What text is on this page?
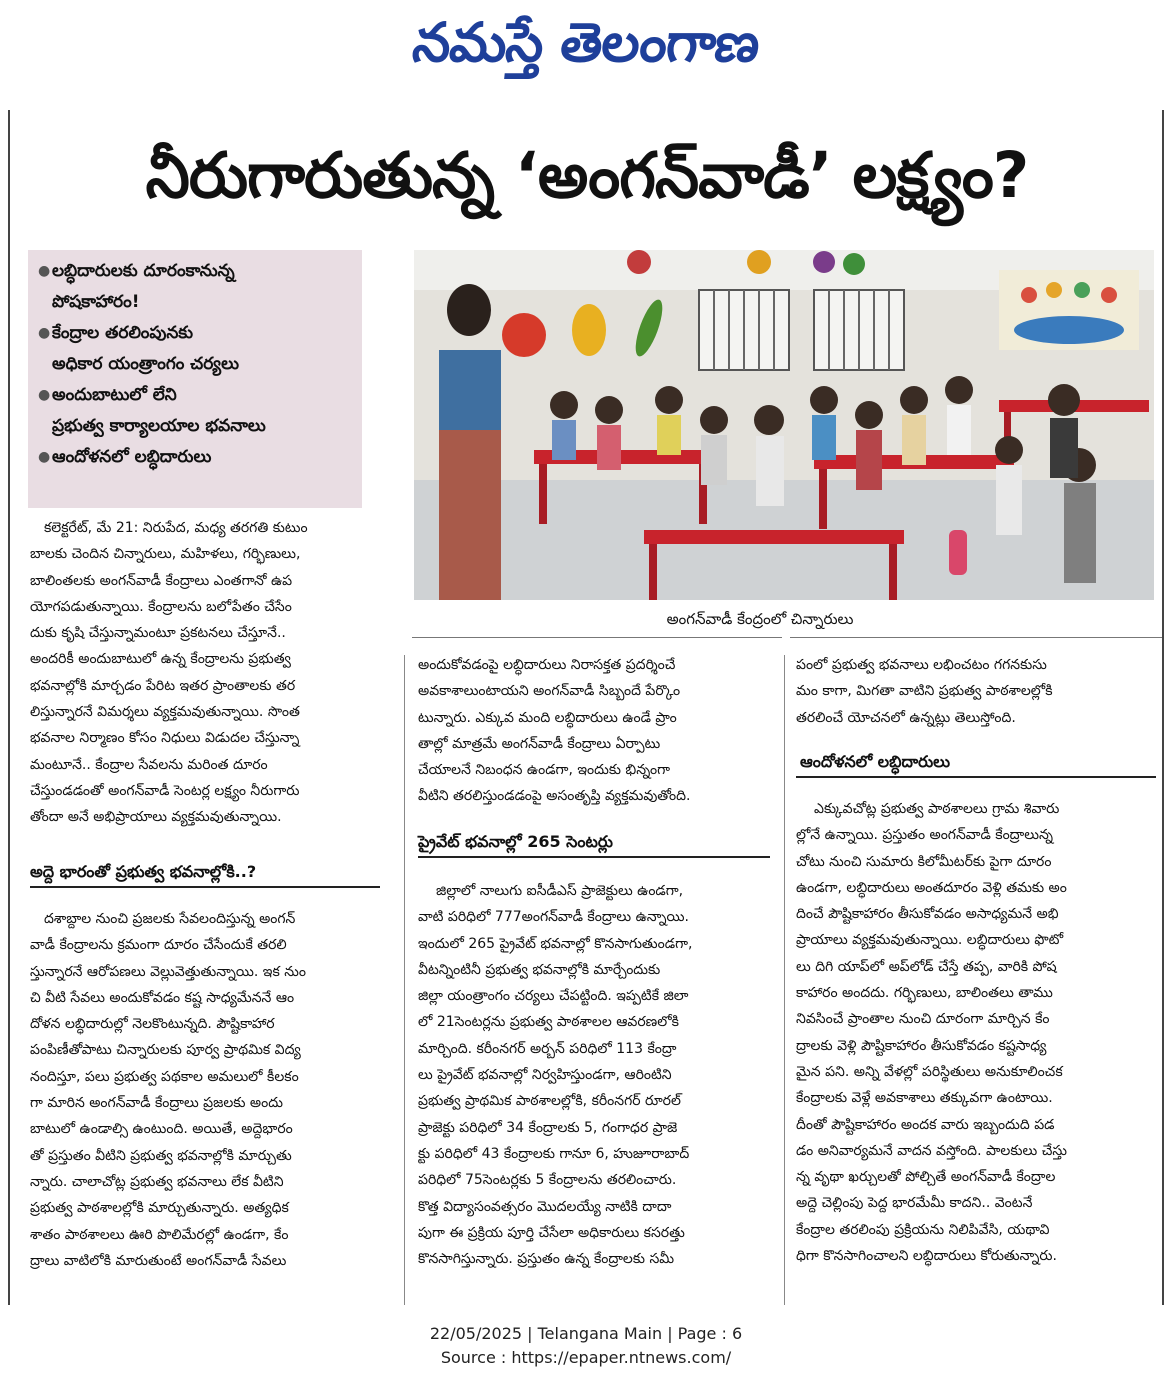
నమస్తే తెలంగాణ
నీరుగారుతున్న ‘అంగన్‌వాడీ’ లక్ష్యం?
● లబ్ధిదారులకు దూరంకానున్న
పోషకాహారం!
● కేంద్రాల తరలింపునకు
అధికార యంత్రాంగం చర్యలు
● అందుబాటులో లేని
ప్రభుత్వ కార్యాలయాల భవనాలు
● ఆందోళనలో లబ్ధిదారులు
అంగన్‌వాడీ కేంద్రంలో చిన్నారులు

కలెక్టరేట్‌, మే 21: నిరుపేద, మధ్య తరగతి కుటుం
బాలకు చెందిన చిన్నారులు, మహిళలు, గర్భిణులు,
బాలింతలకు అంగన్‌వాడీ కేంద్రాలు ఎంతగానో ఉప
యోగపడుతున్నాయి. కేంద్రాలను బలోపేతం చేసేం
దుకు కృషి చేస్తున్నామంటూ ప్రకటనలు చేస్తూనే..
అందరికీ అందుబాటులో ఉన్న కేంద్రాలను ప్రభుత్వ
భవనాల్లోకి మార్చడం పేరిట ఇతర ప్రాంతాలకు తర
లిస్తున్నారనే విమర్శలు వ్యక్తమవుతున్నాయి. సొంత
భవనాల నిర్మాణం కోసం నిధులు విడుదల చేస్తున్నా
మంటూనే.. కేంద్రాల సేవలను మరింత దూరం
చేస్తుండడంతో అంగన్‌వాడీ సెంటర్ల లక్ష్యం నీరుగారు
తోందా అనే అభిప్రాయాలు వ్యక్తమవుతున్నాయి.

అద్దె భారంతో ప్రభుత్వ భవనాల్లోకి..?

దశాబ్దాల నుంచి ప్రజలకు సేవలందిస్తున్న అంగన్‌
వాడీ కేంద్రాలను క్రమంగా దూరం చేసేందుకే తరలి
స్తున్నారనే ఆరోపణలు వెల్లువెత్తుతున్నాయి. ఇక నుం
చి వీటి సేవలు అందుకోవడం కష్ట సాధ్యమేననే ఆం
దోళన లబ్ధిదారుల్లో నెలకొంటున్నది. పౌష్టికాహార
పంపిణీతోపాటు చిన్నారులకు పూర్వ ప్రాథమిక విద్య
నందిస్తూ, పలు ప్రభుత్వ పథకాల అమలులో కీలకం
గా మారిన అంగన్‌వాడీ కేంద్రాలు ప్రజలకు అందు
బాటులో ఉండాల్సి ఉంటుంది. అయితే, అద్దెభారం
తో ప్రస్తుతం వీటిని ప్రభుత్వ భవనాల్లోకి మార్చుతు
న్నారు. చాలాచోట్ల ప్రభుత్వ భవనాలు లేక వీటిని
ప్రభుత్వ పాఠశాలల్లోకి మార్చుతున్నారు. అత్యధిక
శాతం పాఠశాలలు ఊరి పొలిమేరల్లో ఉండగా, కేం
ద్రాలు వాటిలోకి మారుతుంటే అంగన్‌వాడీ సేవలు

అందుకోవడంపై లబ్ధిదారులు నిరాసక్తత ప్రదర్శించే
అవకాశాలుంటాయని అంగన్‌వాడీ సిబ్బందే పేర్కొం
టున్నారు. ఎక్కువ మంది లబ్ధిదారులు ఉండే ప్రాం
తాల్లో మాత్రమే అంగన్‌వాడీ కేంద్రాలు ఏర్పాటు
చేయాలనే నిబంధన ఉండగా, ఇందుకు భిన్నంగా
వీటిని తరలిస్తుండడంపై అసంతృప్తి వ్యక్తమవుతోంది.

ప్రైవేట్‌ భవనాల్లో 265 సెంటర్లు

జిల్లాలో నాలుగు ఐసీడీఎస్‌ ప్రాజెక్టులు ఉండగా,
వాటి పరిధిలో 777అంగన్‌వాడీ కేంద్రాలు ఉన్నాయి.
ఇందులో 265 ప్రైవేట్‌ భవనాల్లో కొనసాగుతుండగా,
వీటన్నింటినీ ప్రభుత్వ భవనాల్లోకి మార్చేందుకు
జిల్లా యంత్రాంగం చర్యలు చేపట్టింది. ఇప్పటికే జిలా
లో 21సెంటర్లను ప్రభుత్వ పాఠశాలల ఆవరణలోకి
మార్చింది. కరీంనగర్‌ అర్బన్‌ పరిధిలో 113 కేంద్రా
లు ప్రైవేట్‌ భవనాల్లో నిర్వహిస్తుండగా, ఆరింటిని
ప్రభుత్వ ప్రాథమిక పాఠశాలల్లోకి, కరీంనగర్‌ రూరల్‌
ప్రాజెక్టు పరిధిలో 34 కేంద్రాలకు 5, గంగాధర ప్రాజె
క్టు పరిధిలో 43 కేంద్రాలకు గానూ 6, హుజూరాబాద్‌
పరిధిలో 75సెంటర్లకు 5 కేంద్రాలను తరలించారు.
కొత్త విద్యాసంవత్సరం మొదలయ్యే నాటికి దాదా
పుగా ఈ ప్రక్రియ పూర్తి చేసేలా అధికారులు కసరత్తు
కొనసాగిస్తున్నారు. ప్రస్తుతం ఉన్న కేంద్రాలకు సమీ

పంలో ప్రభుత్వ భవనాలు లభించటం గగనకుసు
మం కాగా, మిగతా వాటిని ప్రభుత్వ పాఠశాలల్లోకి
తరలించే యోచనలో ఉన్నట్లు తెలుస్తోంది.

ఆందోళనలో లబ్ధిదారులు

ఎక్కువచోట్ల ప్రభుత్వ పాఠశాలలు గ్రామ శివారు
ల్లోనే ఉన్నాయి. ప్రస్తుతం అంగన్‌వాడీ కేంద్రాలున్న
చోటు నుంచి సుమారు కిలోమీటర్‌కు పైగా దూరం
ఉండగా, లబ్ధిదారులు అంతదూరం వెళ్లి తమకు అం
దించే పౌష్టికాహారం తీసుకోవడం అసాధ్యమనే అభి
ప్రాయాలు వ్యక్తమవుతున్నాయి. లబ్ధిదారులు ఫొటో
లు దిగి యాప్‌లో అప్‌లోడ్‌ చేస్తే తప్ప, వారికి పోష
కాహారం అందదు. గర్భిణులు, బాలింతలు తాము
నివసించే ప్రాంతాల నుంచి దూరంగా మార్చిన కేం
ద్రాలకు వెళ్లి పౌష్టికాహారం తీసుకోవడం కష్టసాధ్య
మైన పని. అన్ని వేళల్లో పరిస్థితులు అనుకూలించక
కేంద్రాలకు వెళ్లే అవకాశాలు తక్కువగా ఉంటాయి.
దీంతో పౌష్టికాహారం అందక వారు ఇబ్బందుది పడ
డం అనివార్యమనే వాదన వస్తోంది. పాలకులు చేస్తు
న్న వృథా ఖర్చులతో పోల్చితే అంగన్‌వాడీ కేంద్రాల
అద్దె చెల్లింపు పెద్ద భారమేమీ కాదని.. వెంటనే
కేంద్రాల తరలింపు ప్రక్రియను నిలిపివేసి, యథావి
ధిగా కొనసాగించాలని లబ్ధిదారులు కోరుతున్నారు.

22/05/2025 | Telangana Main | Page : 6
Source : https://epaper.ntnews.com/
